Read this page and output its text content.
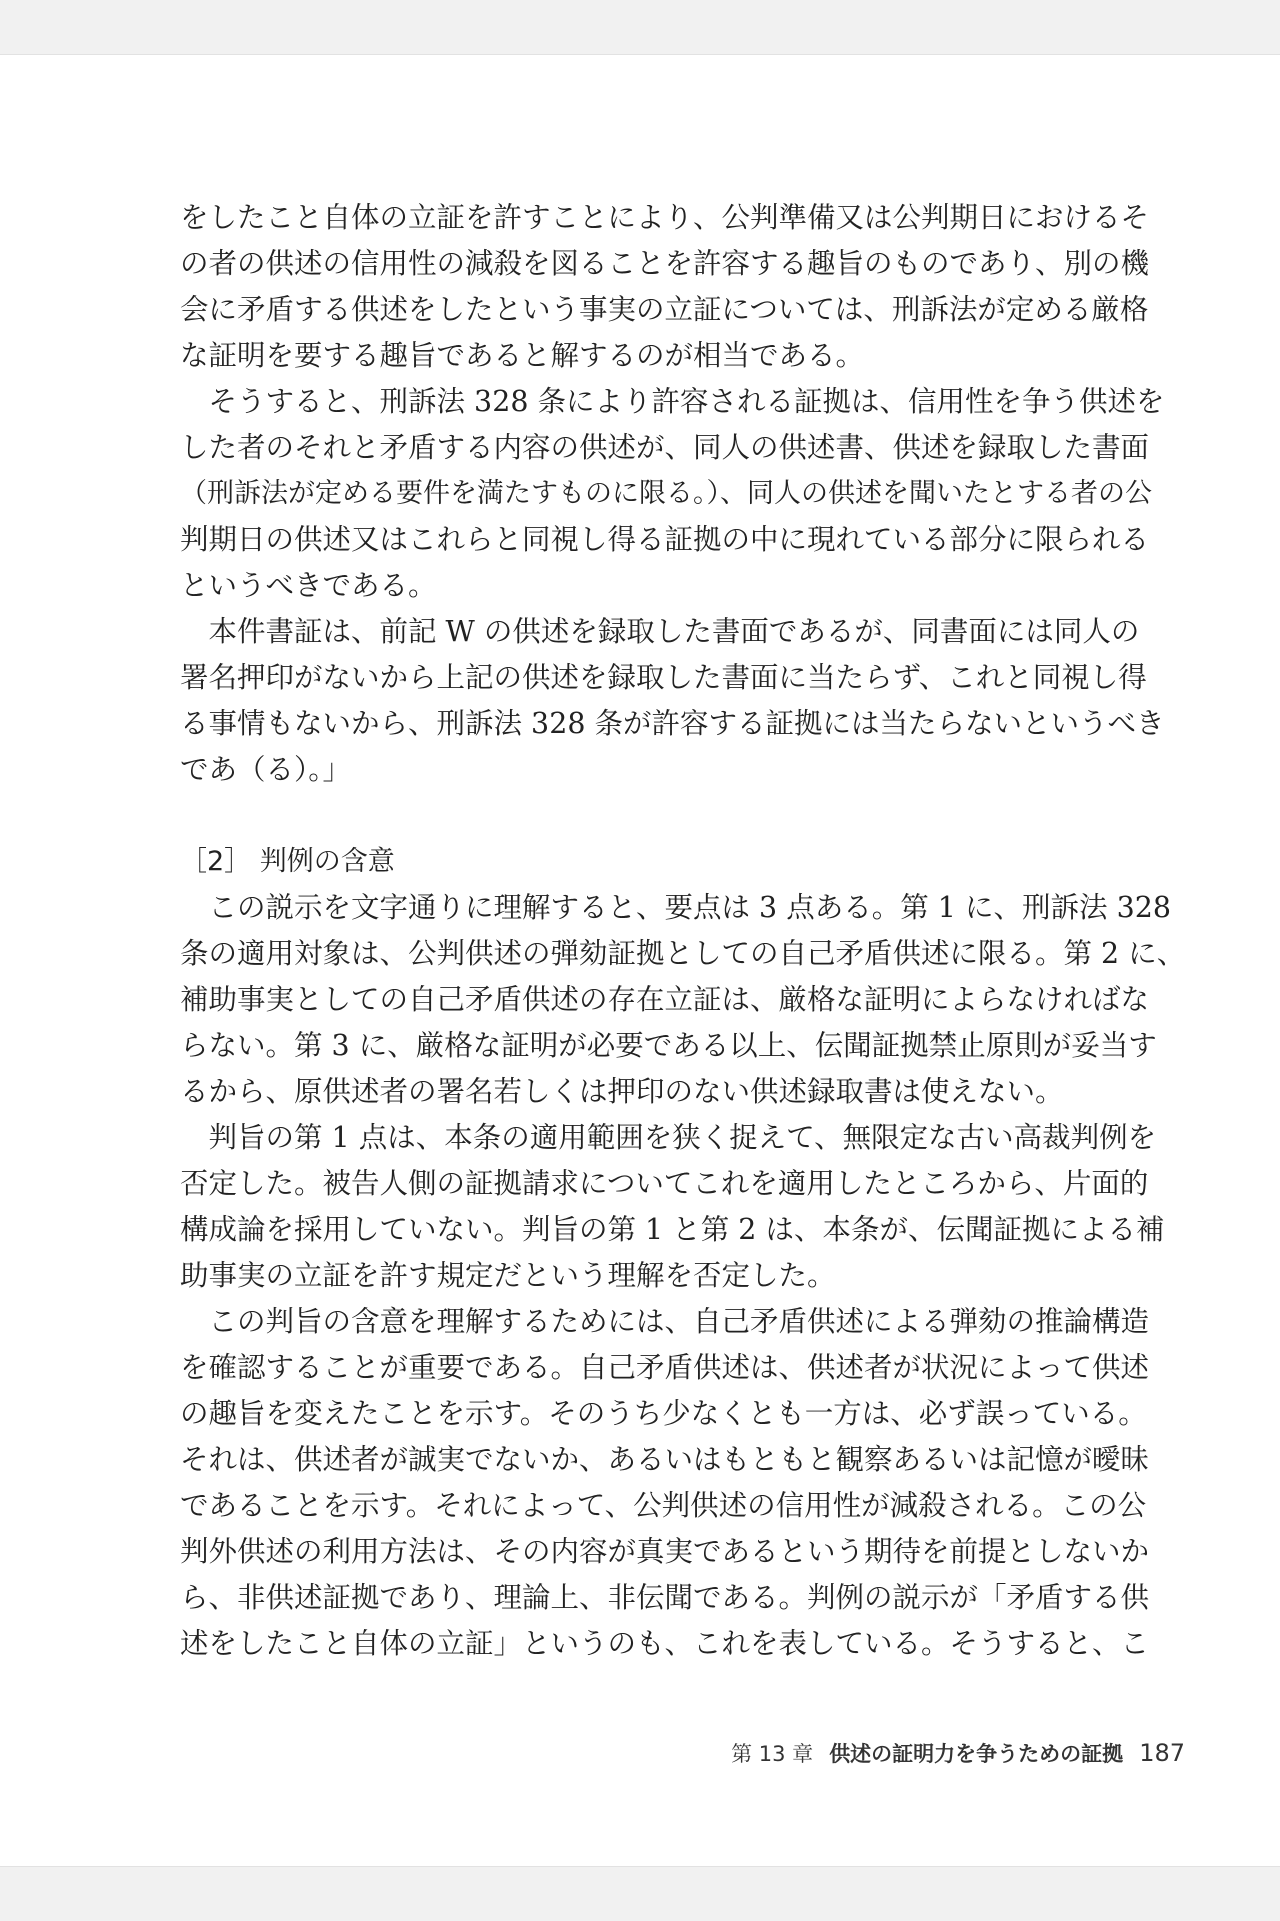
をしたこと自体の立証を許すことにより、公判準備又は公判期日におけるそ
の者の供述の信用性の減殺を図ることを許容する趣旨のものであり、別の機
会に矛盾する供述をしたという事実の立証については、刑訴法が定める厳格
な証明を要する趣旨であると解するのが相当である。
　そうすると、刑訴法 328 条により許容される証拠は、信用性を争う供述を
した者のそれと矛盾する内容の供述が、同人の供述書、供述を録取した書面
（刑訴法が定める要件を満たすものに限る。）、同人の供述を聞いたとする者の公
判期日の供述又はこれらと同視し得る証拠の中に現れている部分に限られる
というべきである。
　本件書証は、前記 W の供述を録取した書面であるが、同書面には同人の
署名押印がないから上記の供述を録取した書面に当たらず、これと同視し得
る事情もないから、刑訴法 328 条が許容する証拠には当たらないというべき
であ（る）。」
［2］ 判例の含意
　この説示を文字通りに理解すると、要点は 3 点ある。第 1 に、刑訴法 328
条の適用対象は、公判供述の弾劾証拠としての自己矛盾供述に限る。第 2 に、
補助事実としての自己矛盾供述の存在立証は、厳格な証明によらなければな
らない。第 3 に、厳格な証明が必要である以上、伝聞証拠禁止原則が妥当す
るから、原供述者の署名若しくは押印のない供述録取書は使えない。
　判旨の第 1 点は、本条の適用範囲を狭く捉えて、無限定な古い高裁判例を
否定した。被告人側の証拠請求についてこれを適用したところから、片面的
構成論を採用していない。判旨の第 1 と第 2 は、本条が、伝聞証拠による補
助事実の立証を許す規定だという理解を否定した。
　この判旨の含意を理解するためには、自己矛盾供述による弾劾の推論構造
を確認することが重要である。自己矛盾供述は、供述者が状況によって供述
の趣旨を変えたことを示す。そのうち少なくとも一方は、必ず誤っている。
それは、供述者が誠実でないか、あるいはもともと観察あるいは記憶が曖昧
であることを示す。それによって、公判供述の信用性が減殺される。この公
判外供述の利用方法は、その内容が真実であるという期待を前提としないか
ら、非供述証拠であり、理論上、非伝聞である。判例の説示が「矛盾する供
述をしたこと自体の立証」というのも、これを表している。そうすると、こ
第 13 章 供述の証明力を争うための証拠 187
